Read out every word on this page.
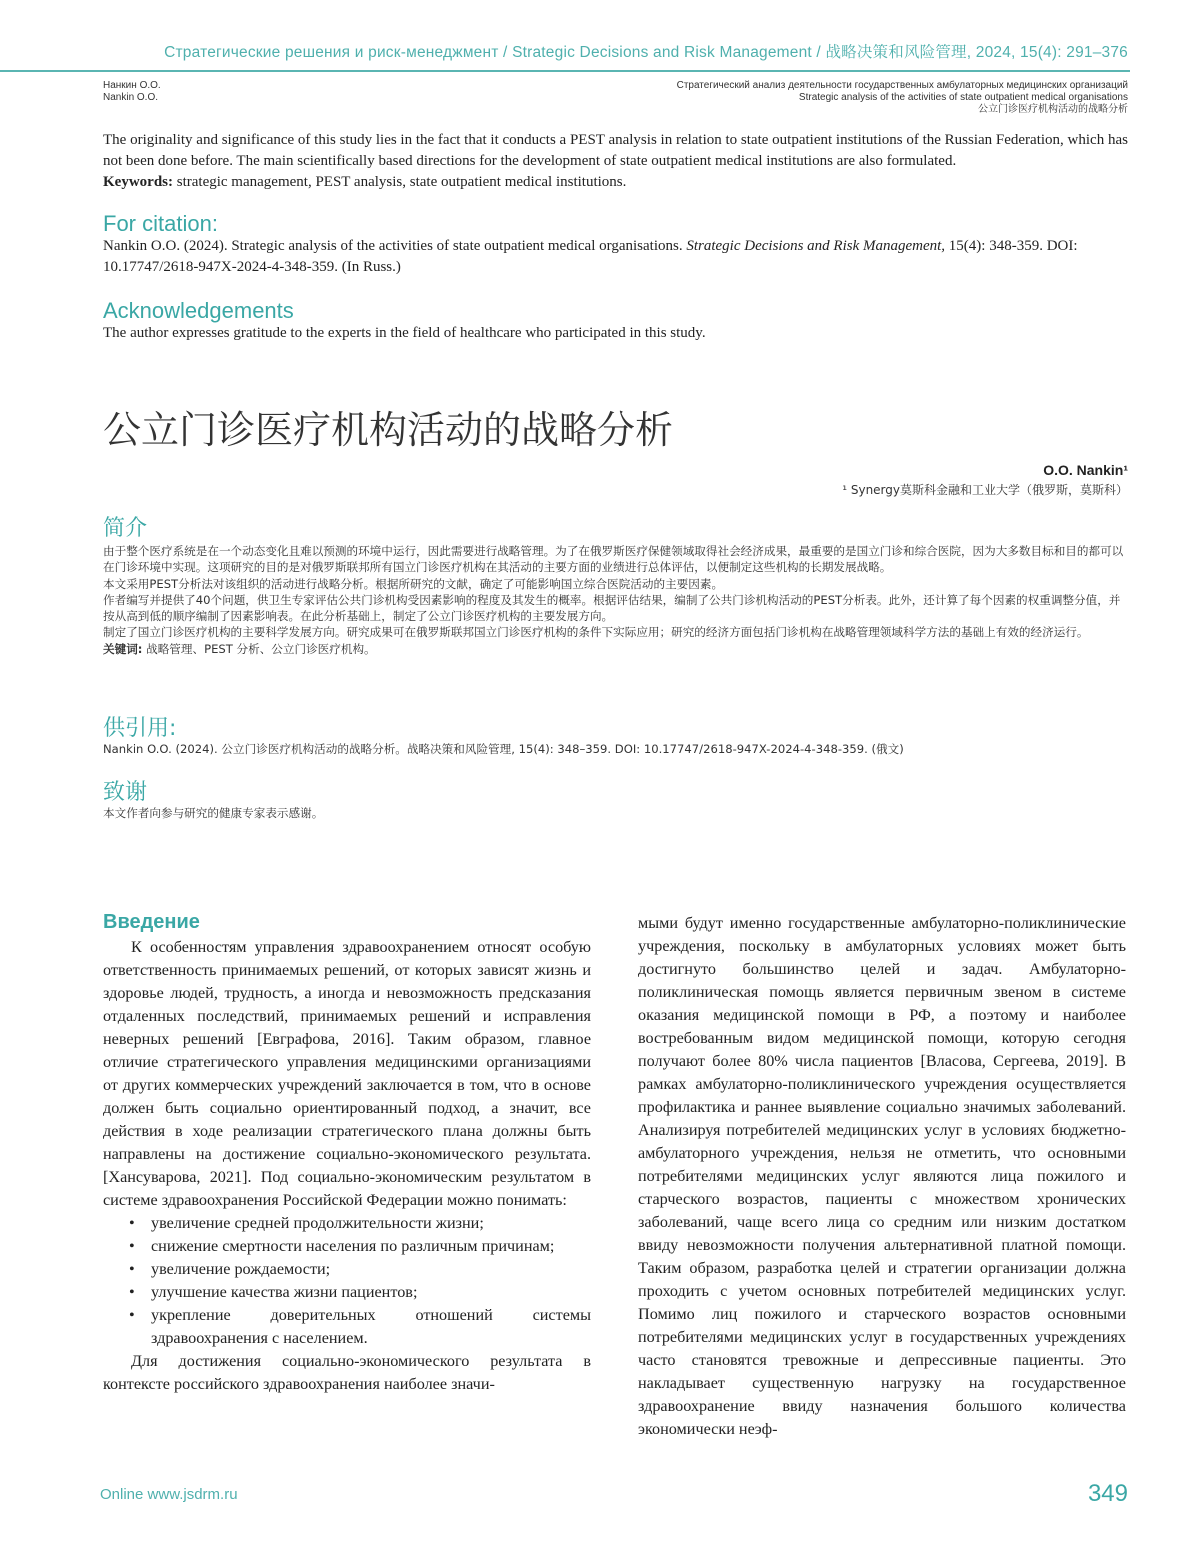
Стратегические решения и риск-менеджмент / Strategic Decisions and Risk Management / 战略决策和风险管理, 2024, 15(4): 291–376
Нанкин О.О.
Nankin O.O.
Стратегический анализ деятельности государственных амбулаторных медицинских организаций
Strategic analysis of the activities of state outpatient medical organisations
公立门诊医疗机构活动的战略分析
The originality and significance of this study lies in the fact that it conducts a PEST analysis in relation to state outpatient institutions of the Russian Federation, which has not been done before. The main scientifically based directions for the development of state outpatient medical institutions are also formulated.
Keywords: strategic management, PEST analysis, state outpatient medical institutions.
For citation:
Nankin O.O. (2024). Strategic analysis of the activities of state outpatient medical organisations. Strategic Decisions and Risk Management, 15(4): 348-359. DOI: 10.17747/2618-947X-2024-4-348-359. (In Russ.)
Acknowledgements
The author expresses gratitude to the experts in the field of healthcare who participated in this study.
公立门诊医疗机构活动的战略分析
O.O. Nankin¹
¹ Synergy莫斯科金融和工业大学（俄罗斯，莫斯科）
简介

由于整个医疗系统是在一个动态变化且难以预测的环境中运行，因此需要进行战略管理。为了在俄罗斯医疗保健领域取得社会经济成果，最重要的是国立门诊和综合医院，因为大多数目标和目的都可以在门诊环境中实现。这项研究的目的是对俄罗斯联邦所有国立门诊医疗机构在其活动的主要方面的业绩进行总体评估，以便制定这些机构的长期发展战略。

本文采用PEST分析法对该组织的活动进行战略分析。根据所研究的文献，确定了可能影响国立综合医院活动的主要因素。

作者编写并提供了40个问题，供卫生专家评估公共门诊机构受因素影响的程度及其发生的概率。根据评估结果，编制了公共门诊机构活动的PEST分析表。此外，还计算了每个因素的权重调整分值，并按从高到低的顺序编制了因素影响表。在此分析基础上，制定了公立门诊医疗机构的主要发展方向。

制定了国立门诊医疗机构的主要科学发展方向。研究成果可在俄罗斯联邦国立门诊医疗机构的条件下实际应用；研究的经济方面包括门诊机构在战略管理领域科学方法的基础上有效的经济运行。

关键词: 战略管理、PEST 分析、公立门诊医疗机构。

供引用:
Nankin O.O. (2024). 公立门诊医疗机构活动的战略分析。战略决策和风险管理, 15(4): 348–359. DOI: 10.17747/2618-947X-2024-4-348-359. (俄文)
致谢
本文作者向参与研究的健康专家表示感谢。
Введение

К особенностям управления здравоохранением относят особую ответственность принимаемых решений, от которых зависят жизнь и здоровье людей, трудность, а иногда и невозможность предсказания отдаленных последствий, принимаемых решений и исправления неверных решений [Евграфова, 2016]. Таким образом, главное отличие стратегического управления медицинскими организациями от других коммерческих учреждений заключается в том, что в основе должен быть социально ориентированный подход, а значит, все действия в ходе реализации стратегического плана должны быть направлены на достижение социально-экономического результата. [Хансуварова, 2021]. Под социально-экономическим результатом в системе здравоохранения Российской Федерации можно понимать:

• увеличение средней продолжительности жизни;
• снижение смертности населения по различным причинам;
• увеличение рождаемости;
• улучшение качества жизни пациентов;
• укрепление доверительных отношений системы здравоохранения с населением.

Для достижения социально-экономического результата в контексте российского здравоохранения наиболее значи-

мыми будут именно государственные амбулаторно-поликлинические учреждения, поскольку в амбулаторных условиях может быть достигнуто большинство целей и задач. Амбулаторно-поликлиническая помощь является первичным звеном в системе оказания медицинской помощи в РФ, а поэтому и наиболее востребованным видом медицинской помощи, которую сегодня получают более 80% числа пациентов [Власова, Сергеева, 2019]. В рамках амбулаторно-поликлинического учреждения осуществляется профилактика и раннее выявление социально значимых заболеваний. Анализируя потребителей медицинских услуг в условиях бюджетно-амбулаторного учреждения, нельзя не отметить, что основными потребителями медицинских услуг являются лица пожилого и старческого возрастов, пациенты с множеством хронических заболеваний, чаще всего лица со средним или низким достатком ввиду невозможности получения альтернативной платной помощи. Таким образом, разработка целей и стратегии организации должна проходить с учетом основных потребителей медицинских услуг. Помимо лиц пожилого и старческого возрастов основными потребителями медицинских услуг в государственных учреждениях часто становятся тревожные и депрессивные пациенты. Это накладывает существенную нагрузку на государственное здравоохранение ввиду назначения большого количества экономически неэф-

Online www.jsdrm.ru	349
